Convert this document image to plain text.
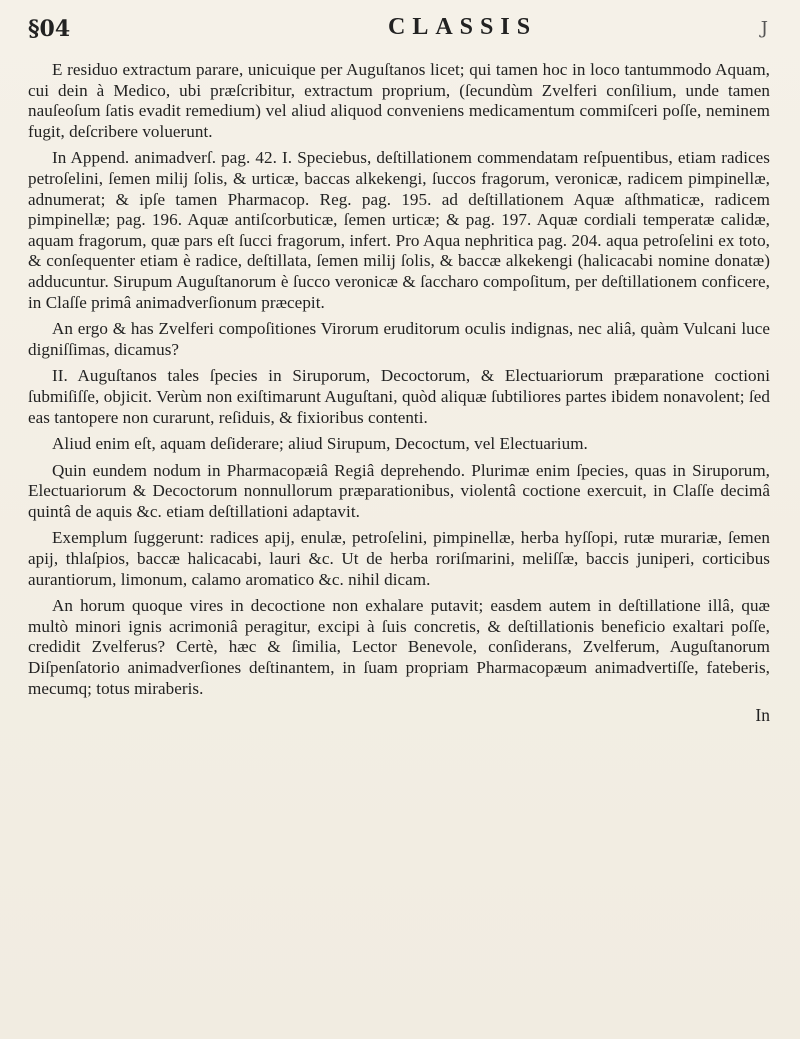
§04	CLASSIS	J

E residuo extractum parare, unicuique per Auguſtanos licet; qui tamen hoc in loco tantummodo Aquam, cui dein à Medico, ubi præſcribitur, extractum proprium, (ſecundùm Zvelferi conſilium, unde tamen nauſeoſum ſatis evadit remedium) vel aliud aliquod conveniens medicamentum commiſceri poſſe, neminem fugit, deſcribere voluerunt.

In Append. animadverſ. pag. 42. I. Speciebus, deſtillationem commendatam reſpuentibus, etiam radices petroſelini, ſemen milij ſolis, & urticæ, baccas alkekengi, ſuccos fragorum, veronicæ, radicem pimpinellæ, adnumerat; & ipſe tamen Pharmacop. Reg. pag. 195. ad deſtillationem Aquæ aſthmaticæ, radicem pimpinellæ; pag. 196. Aquæ antiſcorbuticæ, ſemen urticæ; & pag. 197. Aquæ cordiali temperatæ calidæ, aquam fragorum, quæ pars eſt ſucci fragorum, infert. Pro Aqua nephritica pag. 204. aqua petroſelini ex toto, & conſequenter etiam è radice, deſtillata, ſemen milij ſolis, & baccæ alkekengi (halicacabi nomine donatæ) adducuntur. Sirupum Auguſtanorum è ſucco veronicæ & ſaccharo compoſitum, per deſtillationem conficere, in Claſſe primâ animadverſionum præcepit.

An ergo & has Zvelferi compoſitiones Virorum eruditorum oculis indignas, nec aliâ, quàm Vulcani luce digniſſimas, dicamus?

II. Auguſtanos tales ſpecies in Siruporum, Decoctorum, & Electuariorum præparatione coctioni ſubmiſiſſe, objicit. Verùm non exiſtimarunt Auguſtani, quòd aliquæ ſubtiliores partes ibidem nonavolent; ſed eas tantopere non curarunt, reſiduis, & fixioribus contenti.

Aliud enim eſt, aquam deſiderare; aliud Sirupum, Decoctum, vel Electuarium.

Quin eundem nodum in Pharmacopæiâ Regiâ deprehendo. Plurimæ enim ſpecies, quas in Siruporum, Electuariorum & Decoctorum nonnullorum præparationibus, violentâ coctione exercuit, in Claſſe decimâ quintâ de aquis &c. etiam deſtillationi adaptavit.

Exemplum ſuggerunt: radices apij, enulæ, petroſelini, pimpinellæ, herba hyſſopi, rutæ murariæ, ſemen apij, thlaſpios, baccæ halicacabi, lauri &c. Ut de herba roriſmarini, meliſſæ, baccis juniperi, corticibus aurantiorum, limonum, calamo aromatico &c. nihil dicam.

An horum quoque vires in decoctione non exhalare putavit; easdem autem in deſtillatione illâ, quæ multò minori ignis acrimoniâ peragitur, excipi à ſuis concretis, & deſtillationis beneficio exaltari poſſe, credidit Zvelferus? Certè, hæc & ſimilia, Lector Benevole, conſiderans, Zvelferum, Auguſtanorum Diſpenſatorio animadverſiones deſtinantem, in ſuam propriam Pharmacopæum animadvertiſſe, fateberis, mecumq; totus miraberis.

In
